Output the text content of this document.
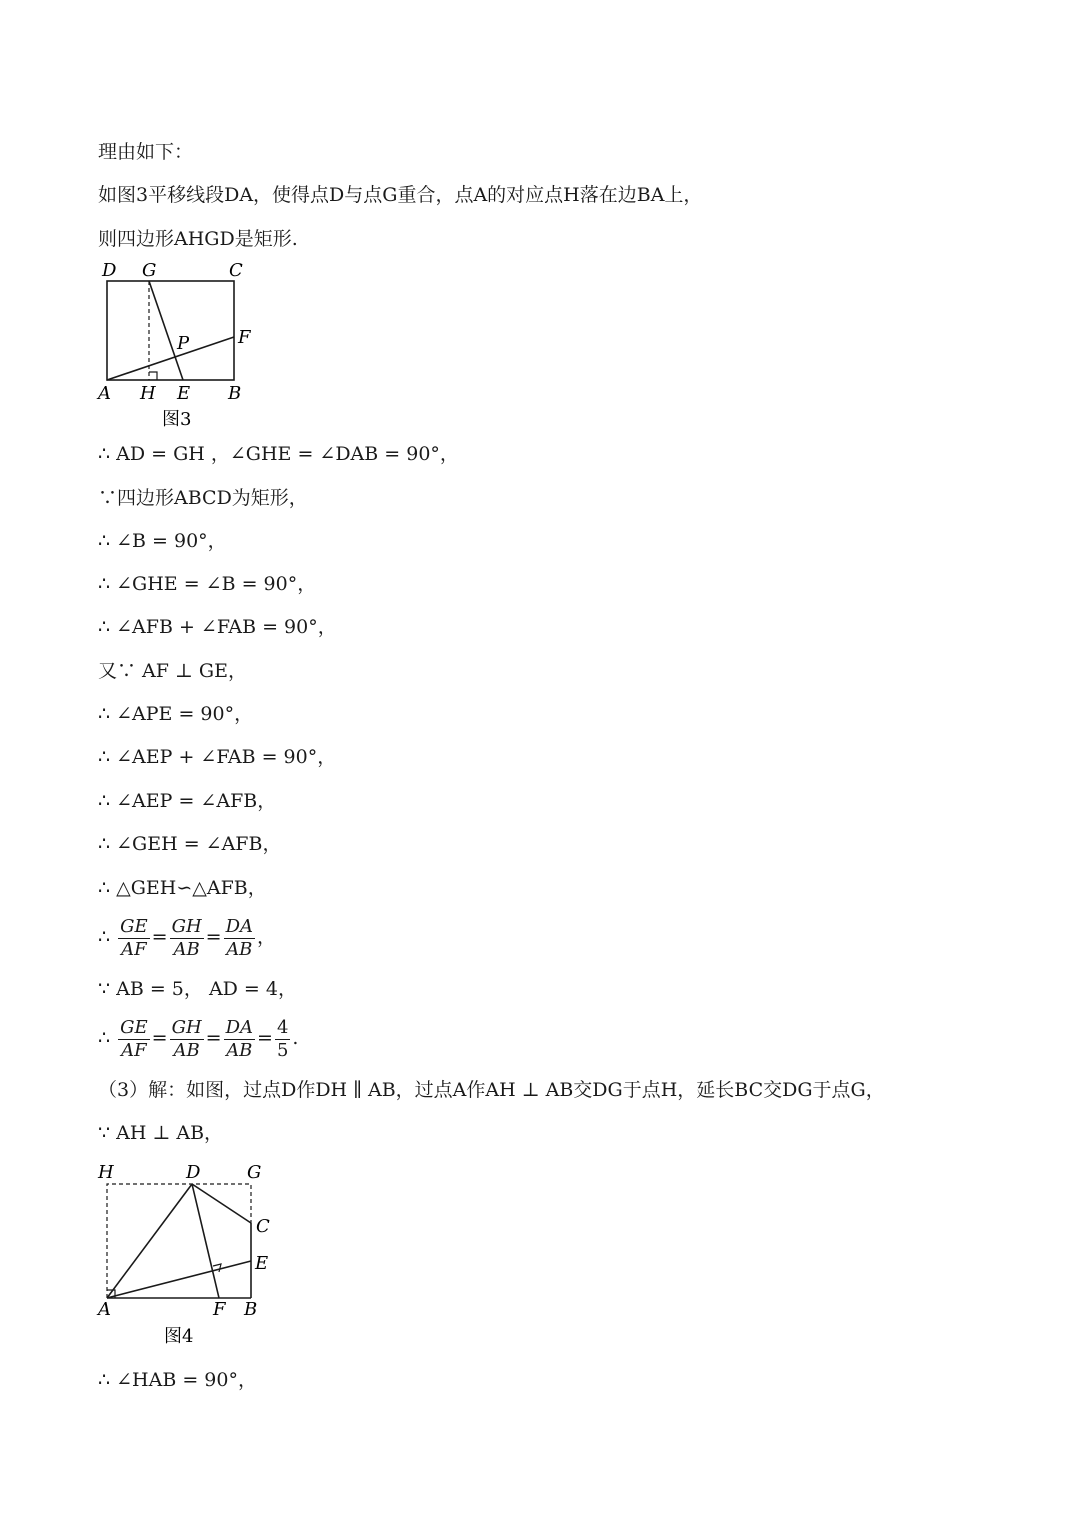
理由如下：
如图3平移线段DA，使得点D与点G重合，点A的对应点H落在边BA上，
则四边形AHGD是矩形.
D G	C
F
P
A H E B
图3
∴ AD = GH ，∠GHE = ∠DAB = 90°，
∵四边形ABCD为矩形，
∴ ∠B = 90°，
∴ ∠GHE = ∠B = 90°，
∴ ∠AFB + ∠FAB = 90°，
又∵ AF ⊥ GE，
∴ ∠APE = 90°，
∴ ∠AEP + ∠FAB = 90°，
∴ ∠AEP = ∠AFB，
∴ ∠GEH = ∠AFB，
∴ △GEH∽△AFB，
∴ $\frac{GE}{AF} = \frac{GH}{AB} = \frac{DA}{AB}$ ，
∵ AB = 5， AD = 4，
∴ $\frac{GE}{AF} = \frac{GH}{AB} = \frac{DA}{AB} = \frac{4}{5}$ .
（3）解：如图，过点D作DH ∥ AB，过点A作AH ⊥ AB交DG于点H，延长BC交DG于点G，
∵ AH ⊥ AB，
H	D	G
C
E
A	F B
图4
∴ ∠HAB = 90°，
